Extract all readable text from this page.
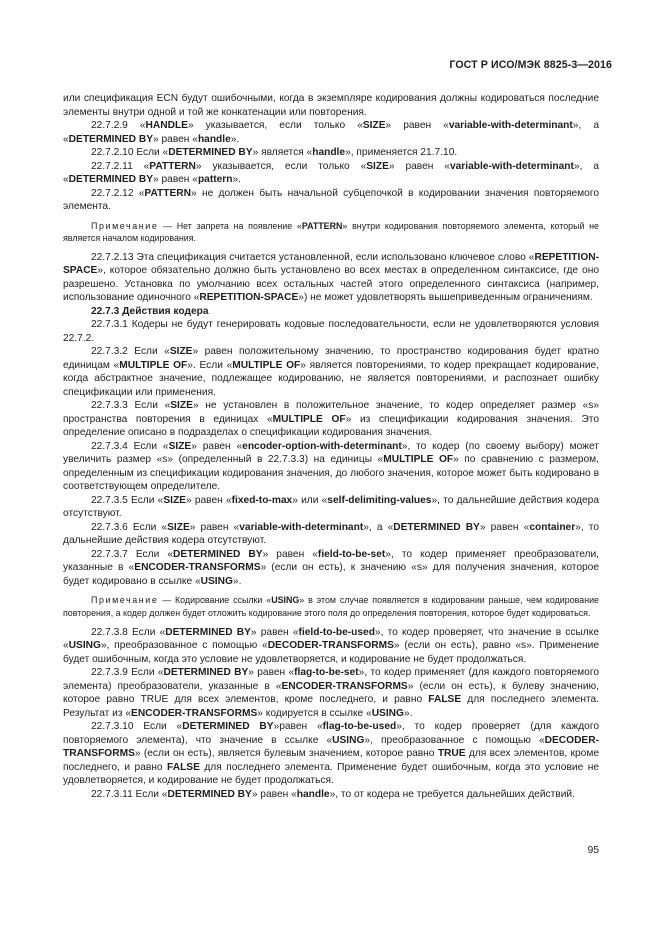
ГОСТ Р ИСО/МЭК 8825-3—2016

или спецификация ECN будут ошибочными, когда в экземпляре кодирования должны кодироваться последние элементы внутри одной и той же конкатенации или повторения.

22.7.2.9 «HANDLE» указывается, если только «SIZE» равен «variable-with-determinant», а «DETERMINED BY» равен «handle».

22.7.2.10 Если «DETERMINED BY» является «handle», применяется 21.7.10.

22.7.2.11 «PATTERN» указывается, если только «SIZE» равен «variable-with-determinant», а «DETERMINED BY» равен «pattern».

22.7.2.12 «PATTERN» не должен быть начальной субцепочкой в кодировании значения повторяемого элемента.

Примечание — Нет запрета на появление «PATTERN» внутри кодирования повторяемого элемента, который не является началом кодирования.

22.7.2.13 Эта спецификация считается установленной, если использовано ключевое слово «REPETITION-SPACE», которое обязательно должно быть установлено во всех местах в определенном синтаксисе, где оно разрешено. Установка по умолчанию всех остальных частей этого определенного синтаксиса (например, использование одиночного «REPETITION-SPACE») не может удовлетворять вышеприведенным ограничениям.

22.7.3 Действия кодера

22.7.3.1 Кодеры не будут генерировать кодовые последовательности, если не удовлетворяются условия 22.7.2.

22.7.3.2 Если «SIZE» равен положительному значению, то пространство кодирования будет кратно единицам «MULTIPLE OF». Если «MULTIPLE OF» является повторениями, то кодер прекращает кодирование, когда абстрактное значение, подлежащее кодированию, не является повторениями, и распознает ошибку спецификации или применения.

22.7.3.3 Если «SIZE» не установлен в положительное значение, то кодер определяет размер «s» пространства повторения в единицах «MULTIPLE OF» из спецификации кодирования значения. Это определение описано в подразделах о спецификации кодирования значения.

22.7.3.4 Если «SIZE» равен «encoder-option-with-determinant», то кодер (по своему выбору) может увеличить размер «s» (определенный в 22.7.3.3) на единицы «MULTIPLE OF» по сравнению с размером, определенным из спецификации кодирования значения, до любого значения, которое может быть кодировано в соответствующем определителе.

22.7.3.5 Если «SIZE» равен «fixed-to-max» или «self-delimiting-values», то дальнейшие действия кодера отсутствуют.

22.7.3.6 Если «SIZE» равен «variable-with-determinant», а «DETERMINED BY» равен «container», то дальнейшие действия кодера отсутствуют.

22.7.3.7 Если «DETERMINED BY» равен «field-to-be-set», то кодер применяет преобразователи, указанные в «ENCODER-TRANSFORMS» (если он есть), к значению «s» для получения значения, которое будет кодировано в ссылке «USING».

Примечание — Кодирование ссылки «USING» в этом случае появляется в кодировании раньше, чем кодирование повторения, а кодер должен будет отложить кодирование этого поля до определения повторения, которое будет кодироваться.

22.7.3.8 Если «DETERMINED BY» равен «field-to-be-used», то кодер проверяет, что значение в ссылке «USING», преобразованное с помощью «DECODER-TRANSFORMS» (если он есть), равно «s». Применение будет ошибочным, когда это условие не удовлетворяется, и кодирование не будет продолжаться.

22.7.3.9 Если «DETERMINED BY» равен «flag-to-be-set», то кодер применяет (для каждого повторяемого элемента) преобразователи, указанные в «ENCODER-TRANSFORMS» (если он есть), к булеву значению, которое равно TRUE для всех элементов, кроме последнего, и равно FALSE для последнего элемента. Результат из «ENCODER-TRANSFORMS» кодируется в ссылке «USING».

22.7.3.10 Если «DETERMINED BY»равен «flag-to-be-used», то кодер проверяет (для каждого повторяемого элемента), что значение в ссылке «USING», преобразованное с помощью «DECODER-TRANSFORMS» (если он есть), является булевым значением, которое равно TRUE для всех элементов, кроме последнего, и равно FALSE для последнего элемента. Применение будет ошибочным, когда это условие не удовлетворяется, и кодирование не будет продолжаться.

22.7.3.11 Если «DETERMINED BY» равен «handle», то от кодера не требуется дальнейших действий.

95
